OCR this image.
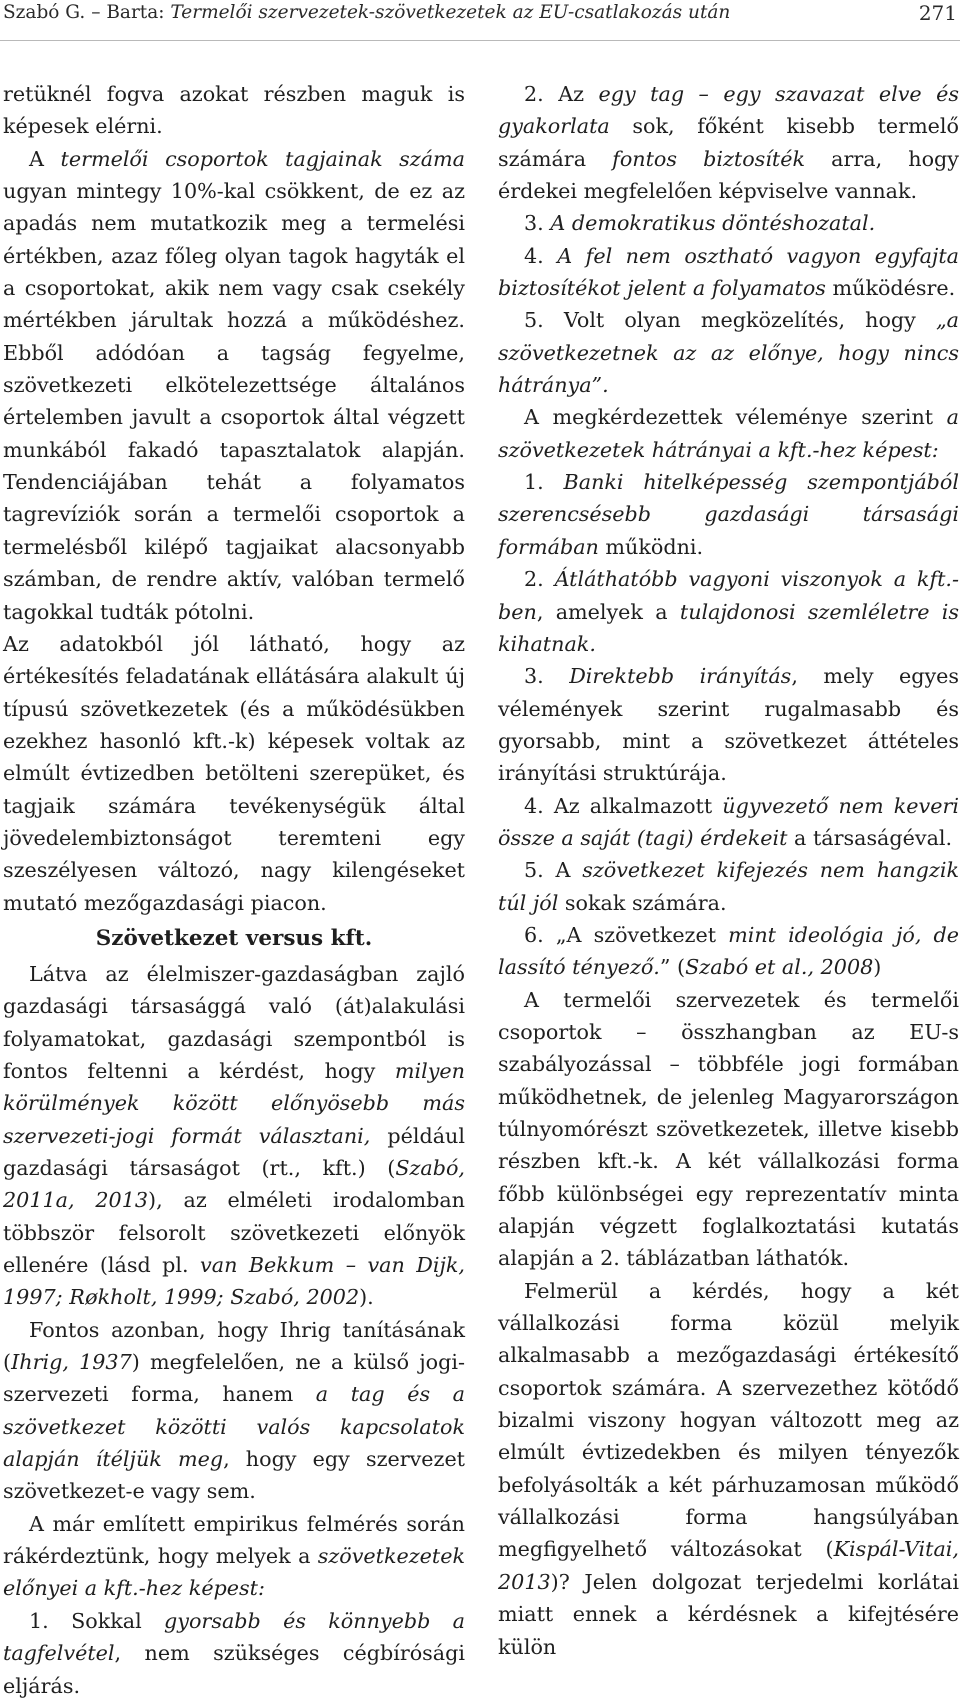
Szabó G. – Barta: Termelői szervezetek-szövetkezetek az EU-csatlakozás után	271

retüknél fogva azokat részben maguk is képesek elérni.

A termelői csoportok tagjainak száma ugyan mintegy 10%-kal csökkent, de ez az apadás nem mutatkozik meg a termelési értékben, azaz főleg olyan tagok hagyták el a csoportokat, akik nem vagy csak csekély mértékben járultak hozzá a működéshez. Ebből adódóan a tagság fegyelme, szövetkezeti elkötelezettsége általános értelemben javult a csoportok által végzett munkából fakadó tapasztalatok alapján. Tendenciájában tehát a folyamatos tagrevíziók során a termelői csoportok a termelésből kilépő tagjaikat alacsonyabb számban, de rendre aktív, valóban termelő tagokkal tudták pótolni.

Az adatokból jól látható, hogy az értékesítés feladatának ellátására alakult új típusú szövetkezetek (és a működésükben ezekhez hasonló kft.-k) képesek voltak az elmúlt évtizedben betölteni szerepüket, és tagjaik számára tevékenységük által jövedelembiztonságot teremteni egy szeszélyesen változó, nagy kilengéseket mutató mezőgazdasági piacon.

Szövetkezet versus kft.

Látva az élelmiszer-gazdaságban zajló gazdasági társasággá való (át)alakulási folyamatokat, gazdasági szempontból is fontos feltenni a kérdést, hogy milyen körülmények között előnyösebb más szervezeti-jogi formát választani, például gazdasági társaságot (rt., kft.) (Szabó, 2011a, 2013), az elméleti irodalomban többször felsorolt szövetkezeti előnyök ellenére (lásd pl. van Bekkum – van Dijk, 1997; Røkholt, 1999; Szabó, 2002).

Fontos azonban, hogy Ihrig tanításának (Ihrig, 1937) megfelelően, ne a külső jogi-szervezeti forma, hanem a tag és a szövetkezet közötti valós kapcsolatok alapján ítéljük meg, hogy egy szervezet szövetkezet-e vagy sem.

A már említett empirikus felmérés során rákérdeztünk, hogy melyek a szövetkezetek előnyei a kft.-hez képest:

1. Sokkal gyorsabb és könnyebb a tagfelvétel, nem szükséges cégbírósági eljárás.

2. Az egy tag – egy szavazat elve és gyakorlata sok, főként kisebb termelő számára fontos biztosíték arra, hogy érdekei megfelelően képviselve vannak.

3. A demokratikus döntéshozatal.

4. A fel nem osztható vagyon egyfajta biztosítékot jelent a folyamatos működésre.

5. Volt olyan megközelítés, hogy „a szövetkezetnek az az előnye, hogy nincs hátránya”.

A megkérdezettek véleménye szerint a szövetkezetek hátrányai a kft.-hez képest:

1. Banki hitelképesség szempontjából szerencsésebb gazdasági társasági formában működni.

2. Átláthatóbb vagyoni viszonyok a kft.-ben, amelyek a tulajdonosi szemléletre is kihatnak.

3. Direktebb irányítás, mely egyes vélemények szerint rugalmasabb és gyorsabb, mint a szövetkezet áttételes irányítási struktúrája.

4. Az alkalmazott ügyvezető nem keveri össze a saját (tagi) érdekeit a társaságéval.

5. A szövetkezet kifejezés nem hangzik túl jól sokak számára.

6. „A szövetkezet mint ideológia jó, de lassító tényező.” (Szabó et al., 2008)

A termelői szervezetek és termelői csoportok – összhangban az EU-s szabályozással – többféle jogi formában működhetnek, de jelenleg Magyarországon túlnyomórészt szövetkezetek, illetve kisebb részben kft.-k. A két vállalkozási forma főbb különbségei egy reprezentatív minta alapján végzett foglalkoztatási kutatás alapján a 2. táblázatban láthatók.

Felmerül a kérdés, hogy a két vállalkozási forma közül melyik alkalmasabb a mezőgazdasági értékesítő csoportok számára. A szervezethez kötődő bizalmi viszony hogyan változott meg az elmúlt évtizedekben és milyen tényezők befolyásolták a két párhuzamosan működő vállalkozási forma hangsúlyában megfigyelhető változásokat (Kispál-Vitai, 2013)? Jelen dolgozat terjedelmi korlátai miatt ennek a kérdésnek a kifejtésére külön
